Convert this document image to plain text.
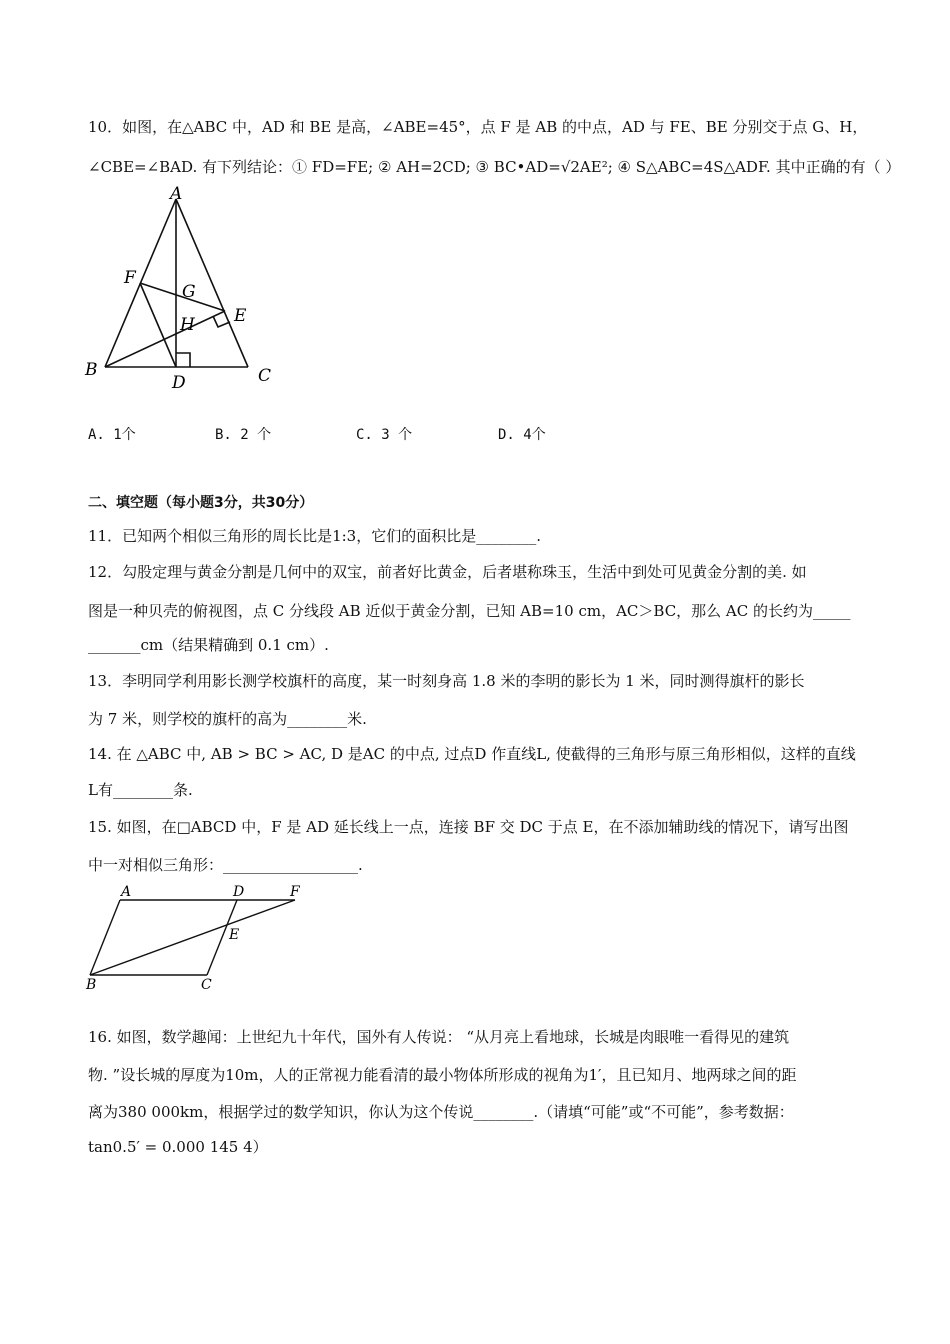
10．如图，在△ABC 中，AD 和 BE 是高，∠ABE=45°，点 F 是 AB 的中点，AD 与 FE、BE 分别交于点 G、H，
∠CBE=∠BAD. 有下列结论：① FD=FE; ② AH=2CD; ③ BC•AD=√2AE²; ④ S△ABC=4S△ADF. 其中正确的有（ ）
A
F
G
H E
B
D	C
A. 1个	B. 2 个	C. 3 个	D. 4个
二、填空题（每小题3分，共30分）
11．已知两个相似三角形的周长比是1:3，它们的面积比是________.
12．勾股定理与黄金分割是几何中的双宝，前者好比黄金，后者堪称珠玉，生活中到处可见黄金分割的美. 如
图是一种贝壳的俯视图，点 C 分线段 AB 近似于黄金分割，已知 AB=10 cm，AC＞BC，那么 AC 的长约为_____
_______cm（结果精确到 0.1 cm）.
13．李明同学利用影长测学校旗杆的高度，某一时刻身高 1.8 米的李明的影长为 1 米，同时测得旗杆的影长
为 7 米，则学校的旗杆的高为________米.
14. 在 △ABC 中, AB > BC > AC, D 是AC 的中点, 过点D 作直线L, 使截得的三角形与原三角形相似，这样的直线
L有________条.
15. 如图，在□ABCD 中，F 是 AD 延长线上一点，连接 BF 交 DC 于点 E，在不添加辅助线的情况下，请写出图
中一对相似三角形：__________________.
A	D	F
E
B	C
16. 如图，数学趣闻：上世纪九十年代，国外有人传说： “从月亮上看地球，长城是肉眼唯一看得见的建筑
物. ”设长城的厚度为10m，人的正常视力能看清的最小物体所形成的视角为1′，且已知月、地两球之间的距
离为380 000km，根据学过的数学知识，你认为这个传说________.（请填“可能”或“不可能”，参考数据：
tan0.5′ = 0.000 145 4）
